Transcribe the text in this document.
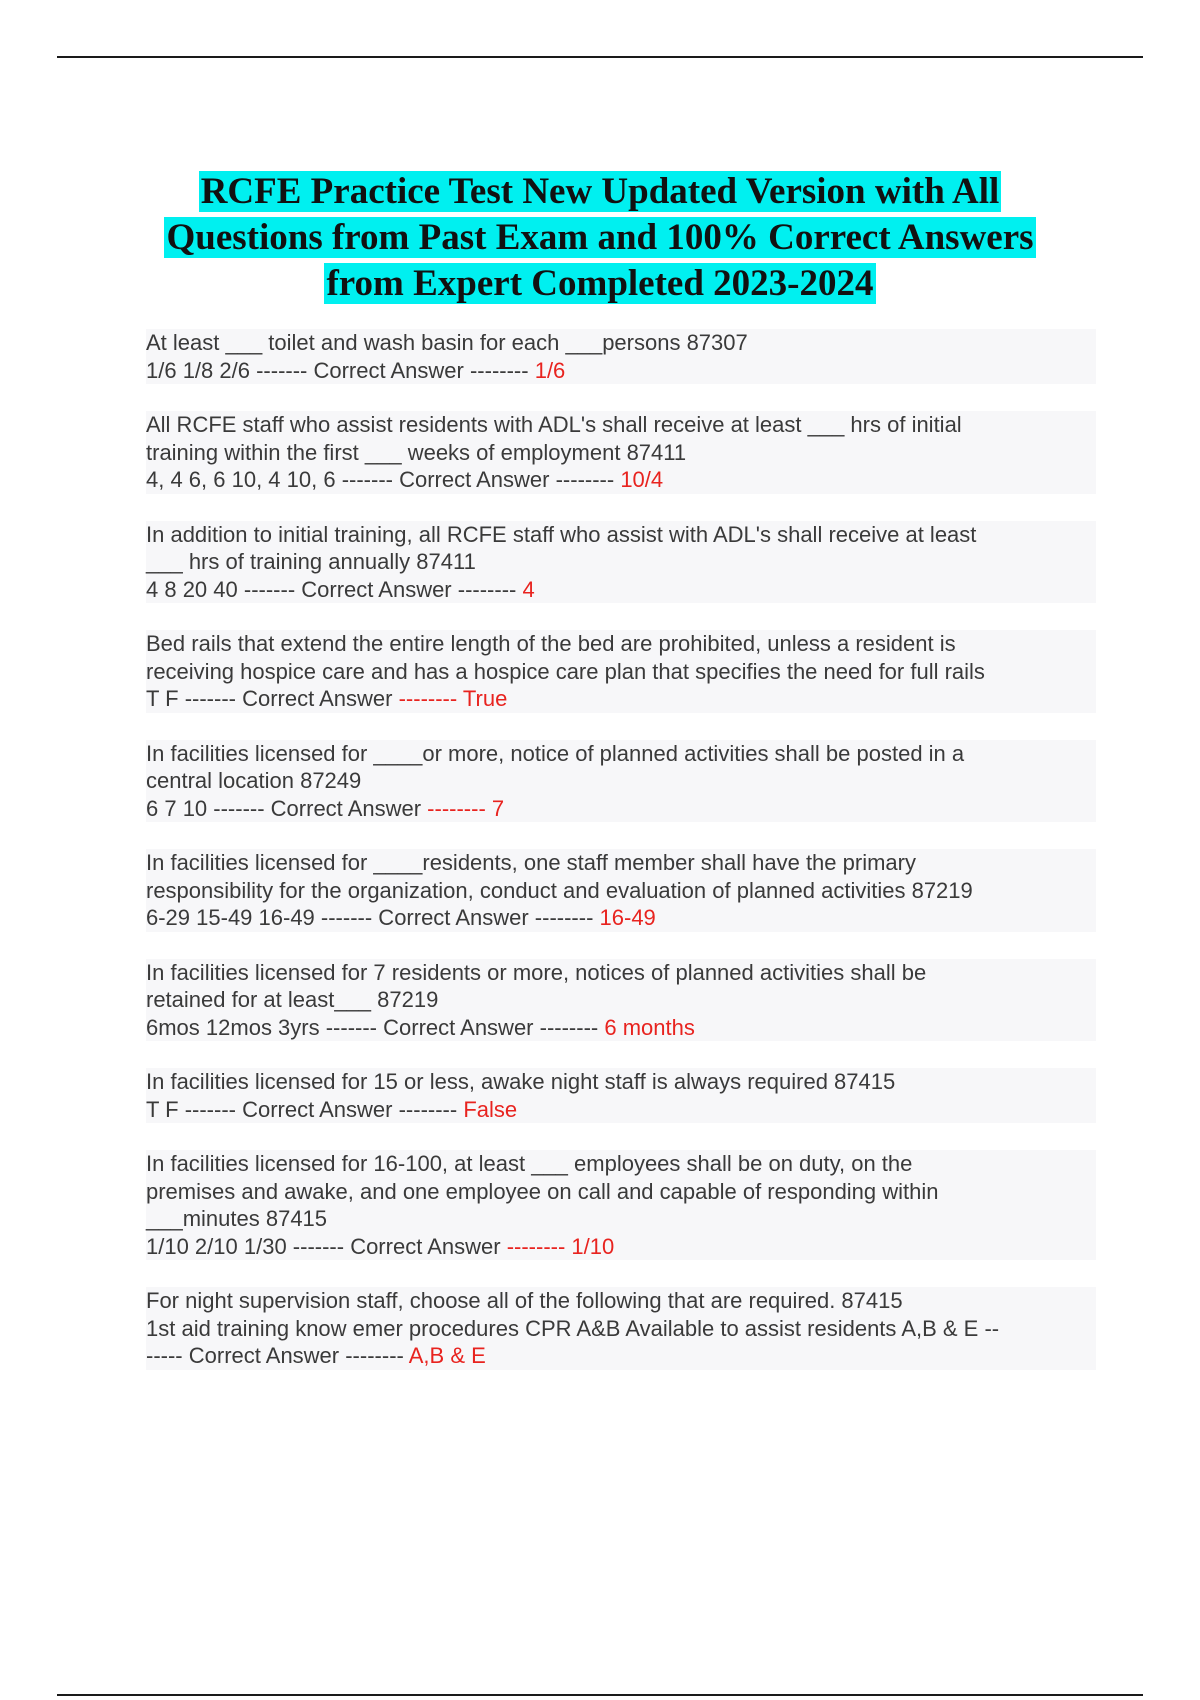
RCFE Practice Test New Updated Version with All Questions from Past Exam and 100% Correct Answers from Expert Completed 2023-2024
At least ___ toilet and wash basin for each ___persons 87307
1/6 1/8 2/6 ------- Correct Answer -------- 1/6
All RCFE staff who assist residents with ADL's shall receive at least ___ hrs of initial
training within the first ___ weeks of employment 87411
4, 4 6, 6 10, 4 10, 6 ------- Correct Answer -------- 10/4
In addition to initial training, all RCFE staff who assist with ADL's shall receive at least
___ hrs of training annually 87411
4 8 20 40 ------- Correct Answer -------- 4
Bed rails that extend the entire length of the bed are prohibited, unless a resident is
receiving hospice care and has a hospice care plan that specifies the need for full rails
T F ------- Correct Answer -------- True
In facilities licensed for ____or more, notice of planned activities shall be posted in a
central location 87249
6 7 10 ------- Correct Answer -------- 7
In facilities licensed for ____residents, one staff member shall have the primary
responsibility for the organization, conduct and evaluation of planned activities 87219
6-29 15-49 16-49 ------- Correct Answer -------- 16-49
In facilities licensed for 7 residents or more, notices of planned activities shall be
retained for at least___ 87219
6mos 12mos 3yrs ------- Correct Answer -------- 6 months
In facilities licensed for 15 or less, awake night staff is always required 87415
T F ------- Correct Answer -------- False
In facilities licensed for 16-100, at least ___ employees shall be on duty, on the
premises and awake, and one employee on call and capable of responding within
___minutes 87415
1/10 2/10 1/30 ------- Correct Answer -------- 1/10
For night supervision staff, choose all of the following that are required. 87415
1st aid training know emer procedures CPR A&B Available to assist residents A,B & E --
----- Correct Answer -------- A,B & E
